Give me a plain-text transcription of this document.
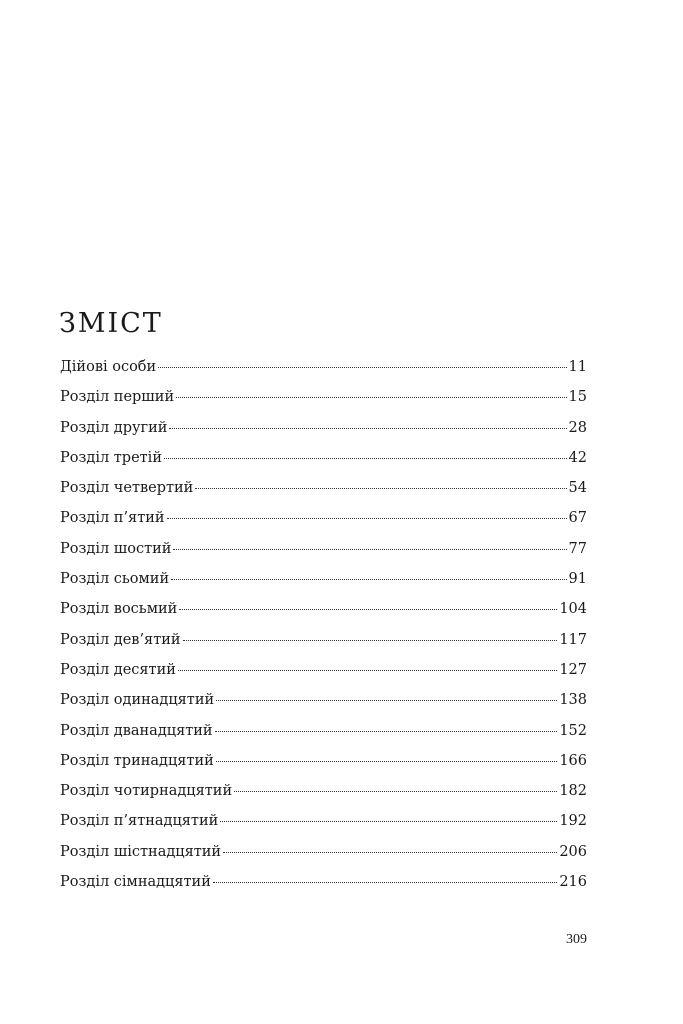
ЗМІСТ
Дійові особи	11
Розділ перший	15
Розділ другий	28
Розділ третій	42
Розділ четвертий	54
Розділ п’ятий	67
Розділ шостий	77
Розділ сьомий	91
Розділ восьмий	104
Розділ дев’ятий	117
Розділ десятий	127
Розділ одинадцятий	138
Розділ дванадцятий	152
Розділ тринадцятий	166
Розділ чотирнадцятий	182
Розділ п’ятнадцятий	192
Розділ шістнадцятий	206
Розділ сімнадцятий	216
309
